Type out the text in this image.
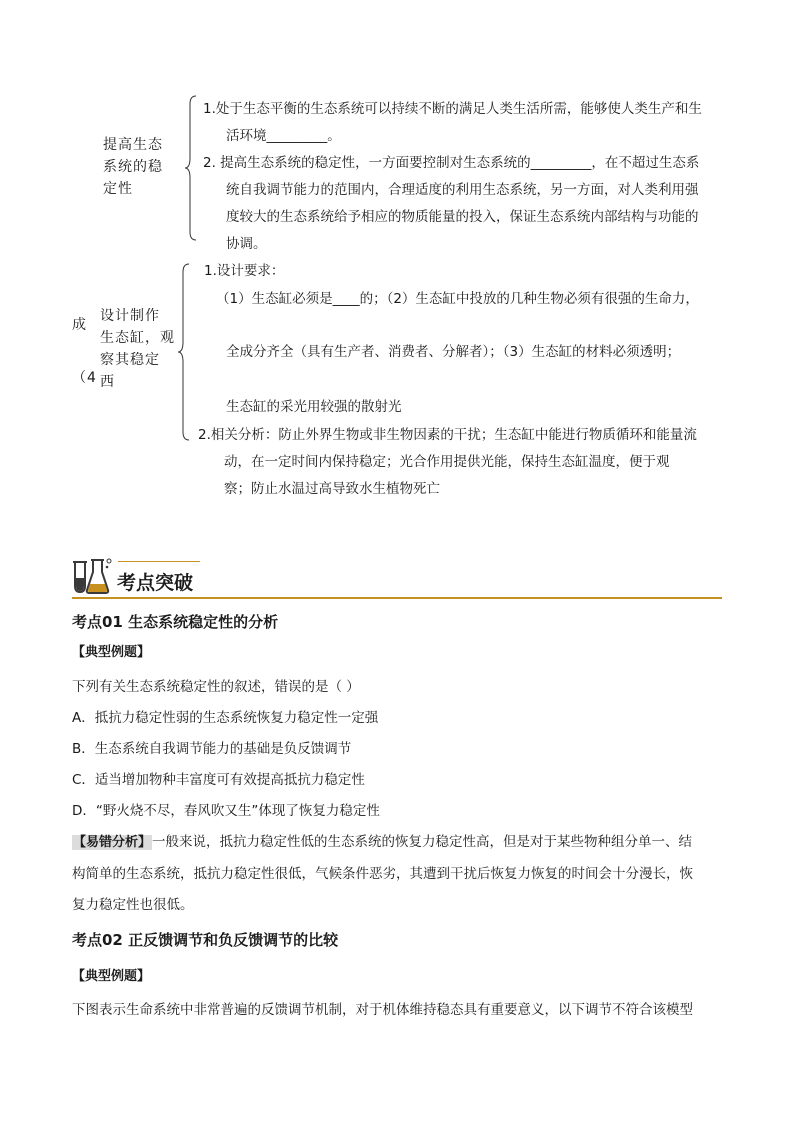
提高生态
系统的稳
定性
1.处于生态平衡的生态系统可以持续不断的满足人类生活所需，能够使人类生产和生
活环境_________。
2. 提高生态系统的稳定性，一方面要控制对生态系统的_________，在不超过生态系
统自我调节能力的范围内，合理适度的利用生态系统，另一方面，对人类利用强
度较大的生态系统给予相应的物质能量的投入，保证生态系统内部结构与功能的
协调。
成
（4
设计制作
生态缸，观
察其稳定
西
1.设计要求：
（1）生态缸必须是____的；（2）生态缸中投放的几种生物必须有很强的生命力，
全成分齐全（具有生产者、消费者、分解者）；（3）生态缸的材料必须透明；
生态缸的采光用较强的散射光
2.相关分析：防止外界生物或非生物因素的干扰；生态缸中能进行物质循环和能量流
动，在一定时间内保持稳定；光合作用提供光能，保持生态缸温度，便于观
察；防止水温过高导致水生植物死亡
考点突破
考点01 生态系统稳定性的分析
【典型例题】
下列有关生态系统稳定性的叙述，错误的是（ ）
A．抵抗力稳定性弱的生态系统恢复力稳定性一定强
B．生态系统自我调节能力的基础是负反馈调节
C．适当增加物种丰富度可有效提高抵抗力稳定性
D．“野火烧不尽，春风吹又生”体现了恢复力稳定性
【易错分析】一般来说，抵抗力稳定性低的生态系统的恢复力稳定性高，但是对于某些物种组分单一、结
构简单的生态系统，抵抗力稳定性很低，气候条件恶劣，其遭到干扰后恢复力恢复的时间会十分漫长，恢
复力稳定性也很低。
考点02 正反馈调节和负反馈调节的比较
【典型例题】
下图表示生命系统中非常普遍的反馈调节机制，对于机体维持稳态具有重要意义，以下调节不符合该模型
